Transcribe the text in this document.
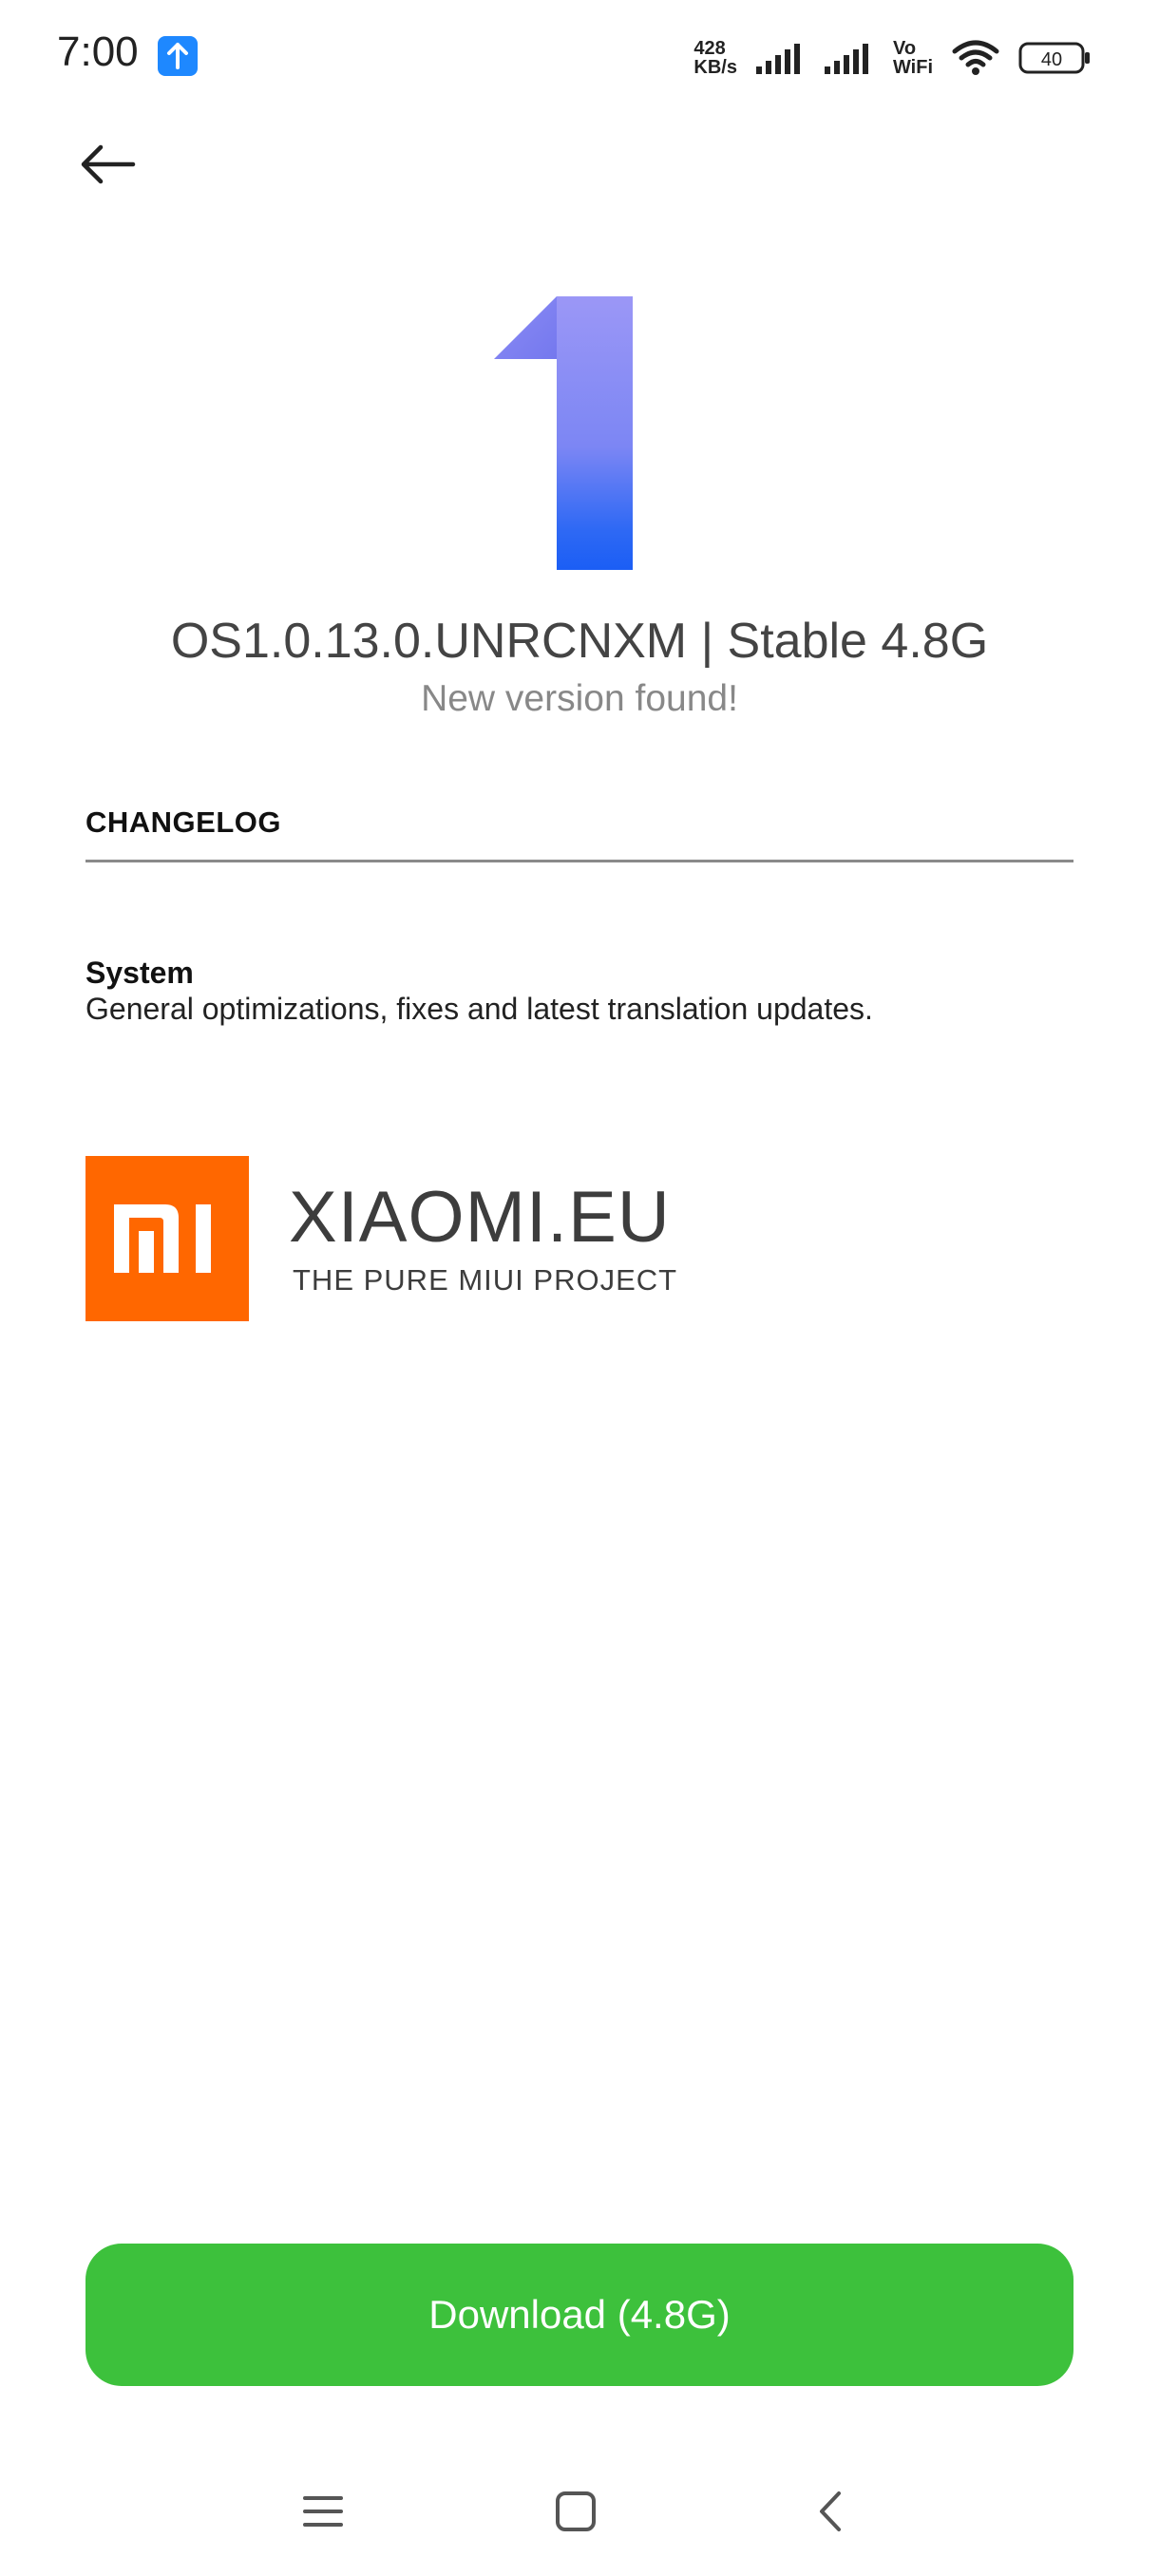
7:00	428
KB/s
Vo
WiFi	40
OS1.0.13.0.UNRCNXM | Stable 4.8G
New version found!
CHANGELOG
System
General optimizations, fixes and latest translation updates.
XIAOMI.EU
THE PURE MIUI PROJECT
Download (4.8G)
